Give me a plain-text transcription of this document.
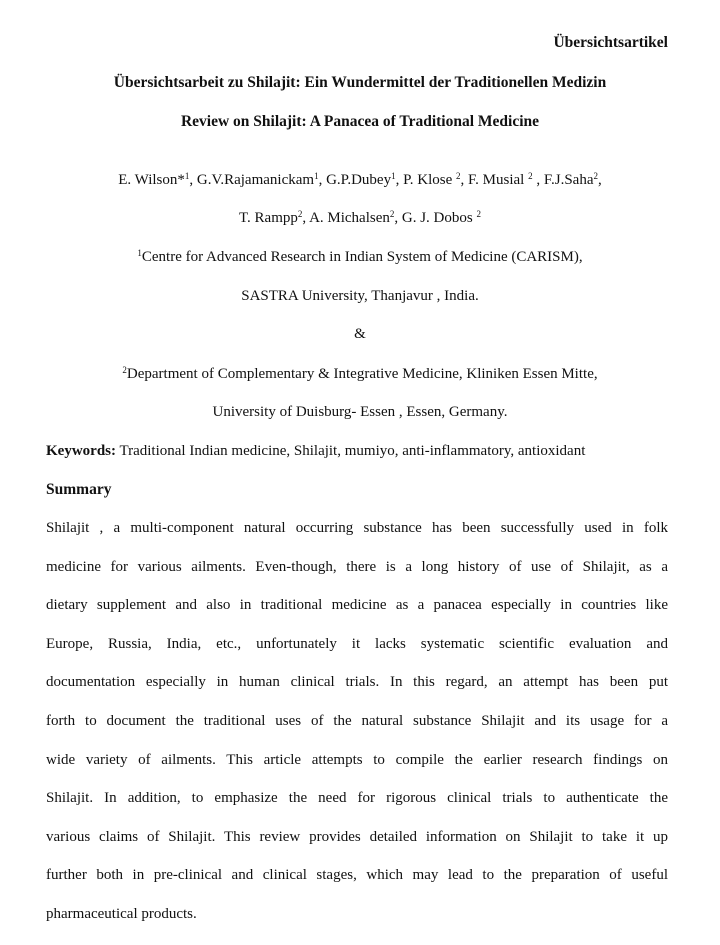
Übersichtsartikel

Übersichtsarbeit zu Shilajit: Ein Wundermittel der Traditionellen Medizin

Review on Shilajit: A Panacea of Traditional Medicine

E. Wilson*$^1$, G.V.Rajamanickam$^1$, G.P.Dubey$^1$, P. Klose $^2$, F. Musial $^2$ , F.J.Saha$^2$,

T. Rampp$^2$, A. Michalsen$^2$, G. J. Dobos $^2$

$^1$Centre for Advanced Research in Indian System of Medicine (CARISM),

SASTRA University, Thanjavur , India.

&

$^2$Department of Complementary & Integrative Medicine, Kliniken Essen Mitte,

University of Duisburg- Essen , Essen, Germany.

Keywords: Traditional Indian medicine, Shilajit, mumiyo, anti-inflammatory, antioxidant

Summary

Shilajit , a multi-component natural occurring substance has been successfully used in folk
medicine for various ailments. Even-though, there is a long history of use of Shilajit, as a
dietary supplement and also in traditional medicine as a panacea especially in countries like
Europe, Russia, India, etc., unfortunately it lacks systematic scientific evaluation and
documentation especially in human clinical trials. In this regard, an attempt has been put
forth to document the traditional uses of the natural substance Shilajit and its usage for a
wide variety of ailments. This article attempts to compile the earlier research findings on
Shilajit. In addition, to emphasize the need for rigorous clinical trials to authenticate the
various claims of Shilajit. This review provides detailed information on Shilajit to take it up
further both in pre-clinical and clinical stages, which may lead to the preparation of useful
pharmaceutical products.
